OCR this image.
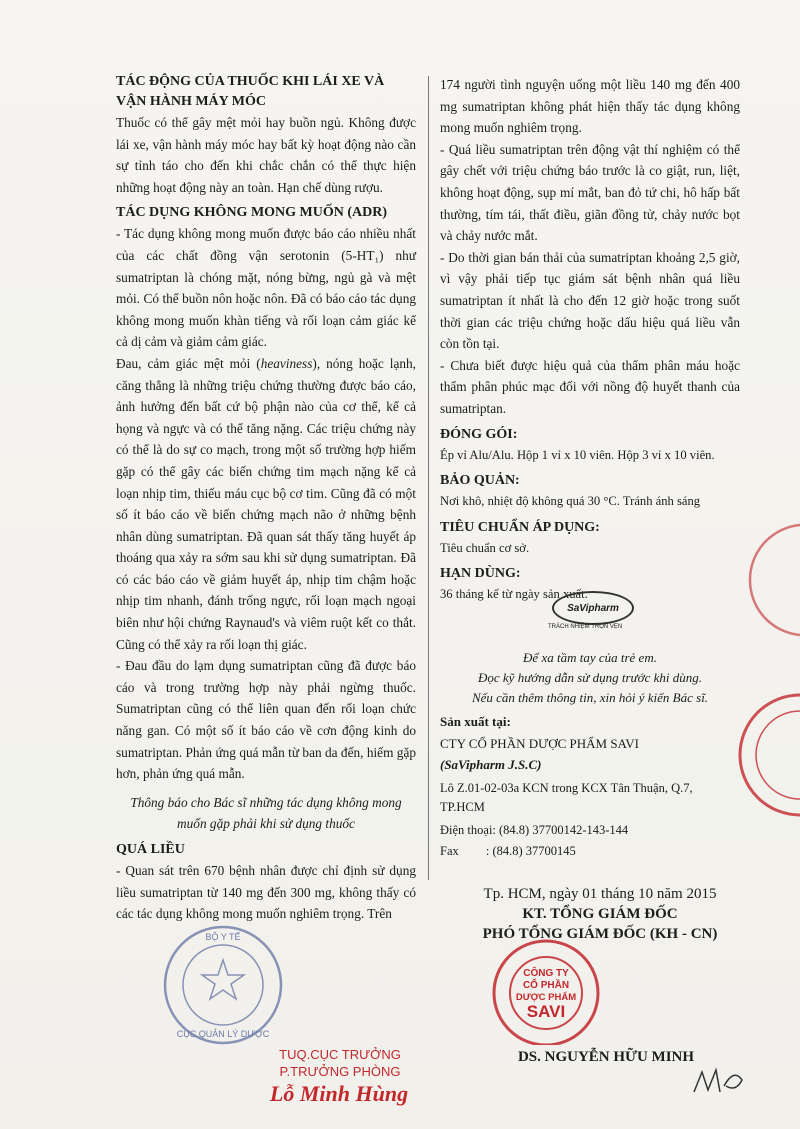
TÁC ĐỘNG CỦA THUỐC KHI LÁI XE VÀ VẬN HÀNH MÁY MÓC

Thuốc có thể gây mệt mỏi hay buồn ngủ. Không được lái xe, vận hành máy móc hay bất kỳ hoạt động nào cần sự tỉnh táo cho đến khi chắc chắn có thể thực hiện những hoạt động này an toàn. Hạn chế dùng rượu.

TÁC DỤNG KHÔNG MONG MUỐN (ADR)

- Tác dụng không mong muốn được báo cáo nhiều nhất của các chất đồng vận serotonin (5-HT₁) như sumatriptan là chóng mặt, nóng bừng, ngủ gà và mệt mỏi. Có thể buồn nôn hoặc nôn. Đã có báo cáo tác dụng không mong muốn khàn tiếng và rối loạn cảm giác kể cả dị cảm và giảm cảm giác.

Đau, cảm giác mệt mỏi (heaviness), nóng hoặc lạnh, căng thẳng là những triệu chứng thường được báo cáo, ảnh hưởng đến bất cứ bộ phận nào của cơ thể, kể cả họng và ngực và có thể tăng nặng. Các triệu chứng này có thể là do sự co mạch, trong một số trường hợp hiếm gặp có thể gây các biến chứng tim mạch nặng kể cả loạn nhịp tim, thiếu máu cục bộ cơ tim. Cũng đã có một số ít báo cáo về biến chứng mạch não ở những bệnh nhân dùng sumatriptan. Đã quan sát thấy tăng huyết áp thoáng qua xảy ra sớm sau khi sử dụng sumatriptan. Đã có các báo cáo về giảm huyết áp, nhịp tim chậm hoặc nhịp tim nhanh, đánh trống ngực, rối loạn mạch ngoại biên như hội chứng Raynaud's và viêm ruột kết co thắt. Cũng có thể xảy ra rối loạn thị giác.

- Đau đầu do lạm dụng sumatriptan cũng đã được báo cáo và trong trường hợp này phải ngừng thuốc. Sumatriptan cũng có thể liên quan đến rối loạn chức năng gan. Có một số ít báo cáo về cơn động kinh do sumatriptan. Phản ứng quá mẫn từ ban da đến, hiếm gặp hơn, phản ứng quá mẫn.

Thông báo cho Bác sĩ những tác dụng không mong muốn gặp phải khi sử dụng thuốc

QUÁ LIỀU

- Quan sát trên 670 bệnh nhân được chỉ định sử dụng liều sumatriptan từ 140 mg đến 300 mg, không thấy có các tác dụng không mong muốn nghiêm trọng. Trên

174 người tình nguyện uống một liều 140 mg đến 400 mg sumatriptan không phát hiện thấy tác dụng không mong muốn nghiêm trọng.

- Quá liều sumatriptan trên động vật thí nghiệm có thể gây chết với triệu chứng báo trước là co giật, run, liệt, không hoạt động, sụp mí mắt, ban đỏ tứ chi, hô hấp bất thường, tím tái, thất điều, giãn đồng tử, chảy nước bọt và chảy nước mắt.

- Do thời gian bán thải của sumatriptan khoảng 2,5 giờ, vì vậy phải tiếp tục giám sát bệnh nhân quá liều sumatriptan ít nhất là cho đến 12 giờ hoặc trong suốt thời gian các triệu chứng hoặc dấu hiệu quá liều vẫn còn tồn tại.

- Chưa biết được hiệu quả của thẩm phân máu hoặc thẩm phân phúc mạc đối với nồng độ huyết thanh của sumatriptan.

ĐÓNG GÓI:

Ép vỉ Alu/Alu. Hộp 1 vỉ x 10 viên. Hộp 3 vỉ x 10 viên.

BẢO QUẢN:

Nơi khô, nhiệt độ không quá 30 °C. Tránh ánh sáng

TIÊU CHUẨN ÁP DỤNG:

Tiêu chuẩn cơ sở.

HẠN DÙNG:

36 tháng kể từ ngày sản xuất.

SaVipharm
TRÁCH NHIỆM TRỌN VẸN
Để xa tầm tay của trẻ em.
Đọc kỹ hướng dẫn sử dụng trước khi dùng.
Nếu cần thêm thông tin, xin hỏi ý kiến Bác sĩ.
Sản xuất tại:
CTY CỔ PHẦN DƯỢC PHẨM SAVI
(SaVipharm J.S.C)
Lô Z.01-02-03a KCN trong KCX Tân Thuận, Q.7, TP.HCM
Điện thoại: (84.8) 37700142-143-144
Fax : (84.8) 37700145
Tp. HCM, ngày 01 tháng 10 năm 2015
KT. TỔNG GIÁM ĐỐC
PHÓ TỔNG GIÁM ĐỐC (KH - CN)
DS. NGUYỄN HỮU MINH
CÔNG TY
CỔ PHẦN
DƯỢC PHẨM
SAVI
BỘ Y TẾ
CỤC QUẢN LÝ DƯỢC
TUQ.CỤC TRƯỞNG
P.TRƯỞNG PHÒNG
Lỗ Minh Hùng
